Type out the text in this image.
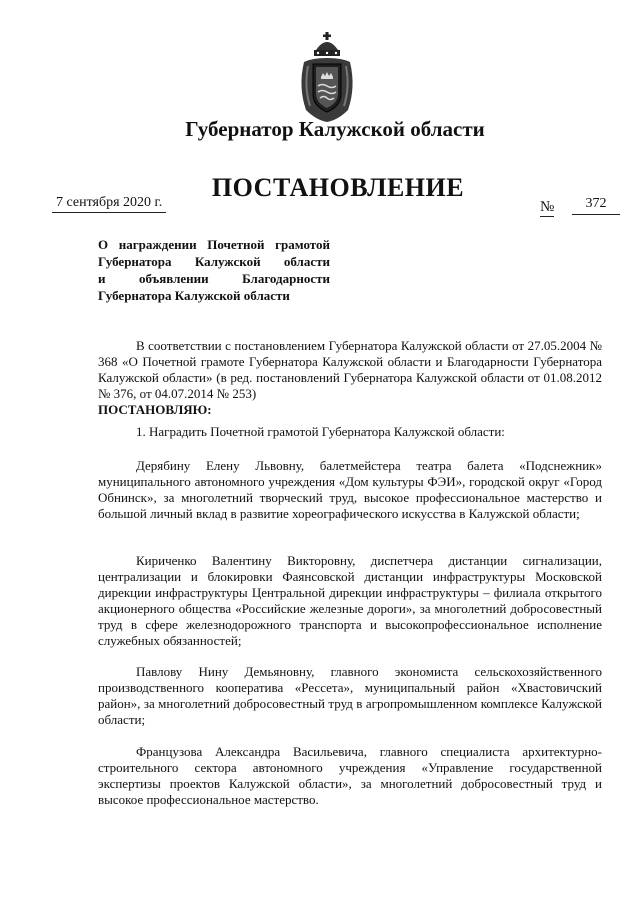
Губернатор Калужской области
ПОСТАНОВЛЕНИЕ
7 сентября 2020 г.	№	372
О награждении Почетной грамотой
Губернатора Калужской области
и объявлении Благодарности
Губернатора Калужской области
В соответствии с постановлением Губернатора Калужской области от 27.05.2004 № 368 «О Почетной грамоте Губернатора Калужской области и Благодарности Губернатора Калужской области» (в ред. постановлений Губернатора Калужской области от 01.08.2012 № 376, от 04.07.2014 № 253)
ПОСТАНОВЛЯЮ:
1. Наградить Почетной грамотой Губернатора Калужской области:
Дерябину Елену Львовну, балетмейстера театра балета «Подснежник» муниципального автономного учреждения «Дом культуры ФЭИ», городской округ «Город Обнинск», за многолетний творческий труд, высокое профессиональное мастерство и большой личный вклад в развитие хореографического искусства в Калужской области;
Кириченко Валентину Викторовну, диспетчера дистанции сигнализации, централизации и блокировки Фаянсовской дистанции инфраструктуры Московской дирекции инфраструктуры Центральной дирекции инфраструктуры – филиала открытого акционерного общества «Российские железные дороги», за многолетний добросовестный труд в сфере железнодорожного транспорта и высокопрофессиональное исполнение служебных обязанностей;
Павлову Нину Демьяновну, главного экономиста сельскохозяйственного производственного кооператива «Рессета», муниципальный район «Хвастовичский район», за многолетний добросовестный труд в агропромышленном комплексе Калужской области;
Французова Александра Васильевича, главного специалиста архитектурно-строительного сектора автономного учреждения «Управление государственной экспертизы проектов Калужской области», за многолетний добросовестный труд и высокое профессиональное мастерство.
